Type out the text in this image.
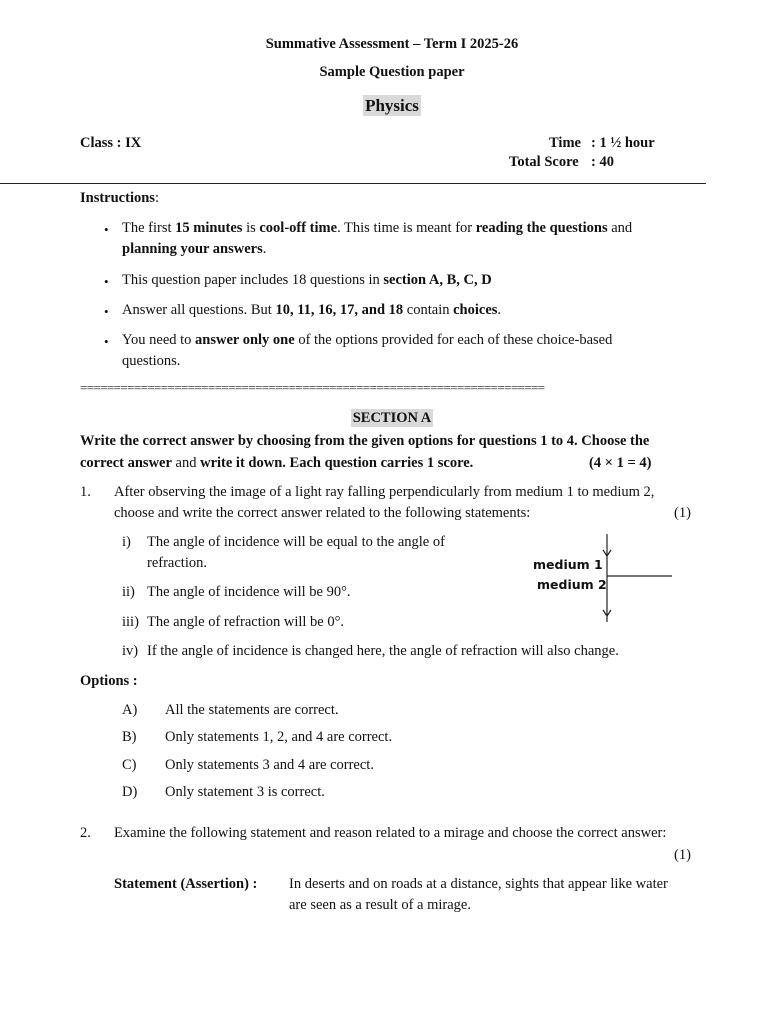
Summative Assessment – Term I 2025-26
Sample Question paper
Physics
Class : IX	Time : 1 ½ hour
Total Score : 40
Instructions:
• The first 15 minutes is cool-off time. This time is meant for reading the questions and
planning your answers.
• This question paper includes 18 questions in section A, B, C, D
• Answer all questions. But 10, 11, 16, 17, and 18 contain choices.
• You need to answer only one of the options provided for each of these choice-based
questions.
=====================================================================
SECTION A
Write the correct answer by choosing from the given options for questions 1 to 4. Choose the
correct answer and write it down. Each question carries 1 score.	(4 × 1 = 4)
1. After observing the image of a light ray falling perpendicularly from medium 1 to medium 2,
choose and write the correct answer related to the following statements:	(1)
i) The angle of incidence will be equal to the angle of
refraction.
ii) The angle of incidence will be 90°.
iii) The angle of refraction will be 0°.
iv) If the angle of incidence is changed here, the angle of refraction will also change.
medium 1
medium 2
Options :
A) All the statements are correct.
B) Only statements 1, 2, and 4 are correct.
C) Only statements 3 and 4 are correct.
D) Only statement 3 is correct.
2. Examine the following statement and reason related to a mirage and choose the correct answer:
(1)
Statement (Assertion) : In deserts and on roads at a distance, sights that appear like water
are seen as a result of a mirage.
